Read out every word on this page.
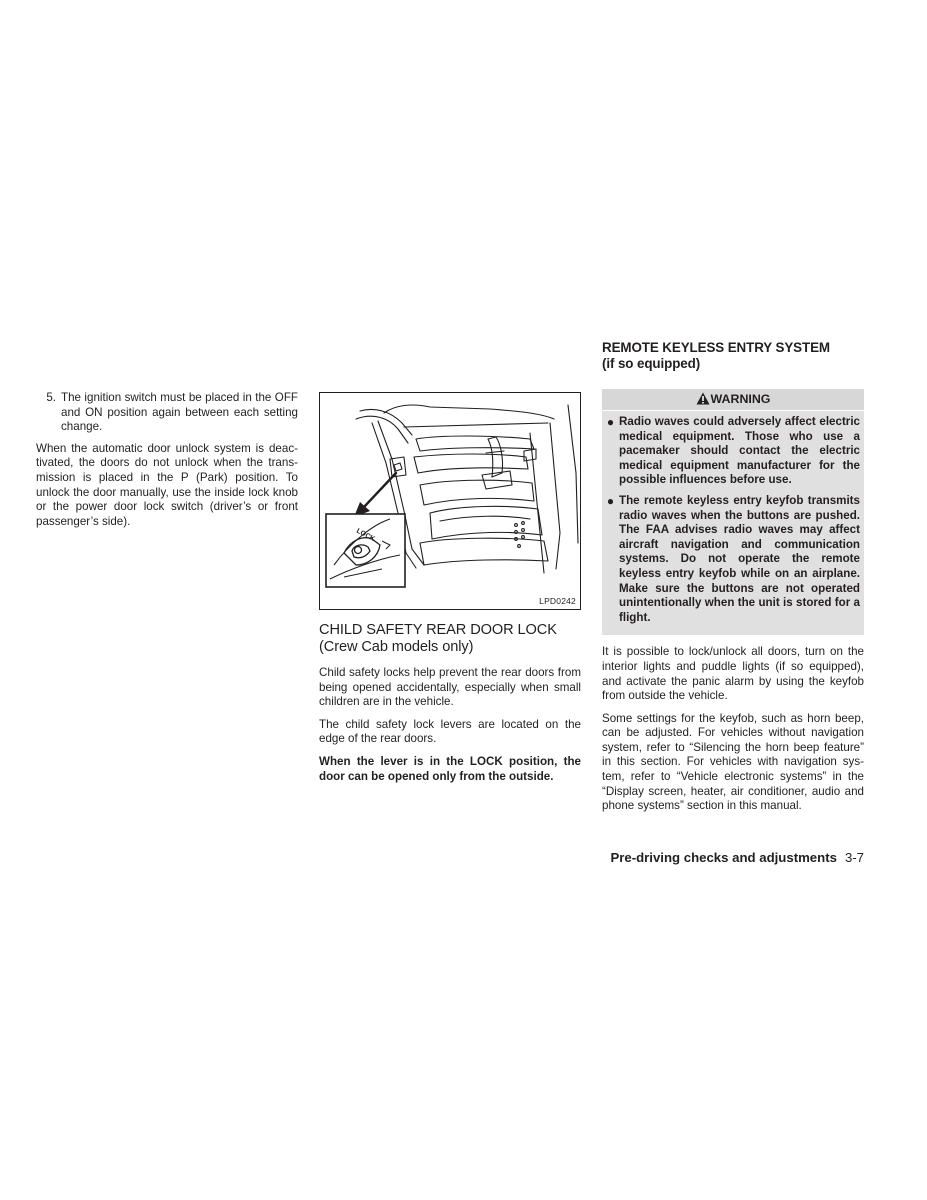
5. The ignition switch must be placed in the OFF and ON position again between each setting change.

When the automatic door unlock system is deactivated, the doors do not unlock when the transmission is placed in the P (Park) position. To unlock the door manually, use the inside lock knob or the power door lock switch (driver’s or front passenger’s side).

LOCK
LPD0242
CHILD SAFETY REAR DOOR LOCK
(Crew Cab models only)

Child safety locks help prevent the rear doors from being opened accidentally, especially when small children are in the vehicle.

The child safety lock levers are located on the edge of the rear doors.

When the lever is in the LOCK position, the door can be opened only from the outside.

REMOTE KEYLESS ENTRY SYSTEM
(if so equipped)
WARNING
● Radio waves could adversely affect electric medical equipment. Those who use a pacemaker should contact the electric medical equipment manufacturer for the possible influences before use.
● The remote keyless entry keyfob transmits radio waves when the buttons are pushed. The FAA advises radio waves may affect aircraft navigation and communication systems. Do not operate the remote keyless entry keyfob while on an airplane. Make sure the buttons are not operated unintentionally when the unit is stored for a flight.

It is possible to lock/unlock all doors, turn on the interior lights and puddle lights (if so equipped), and activate the panic alarm by using the keyfob from outside the vehicle.

Some settings for the keyfob, such as horn beep, can be adjusted. For vehicles without navigation system, refer to “Silencing the horn beep feature” in this section. For vehicles with navigation system, refer to “Vehicle electronic systems” in the “Display screen, heater, air conditioner, audio and phone systems” section in this manual.

Pre-driving checks and adjustments 3-7
